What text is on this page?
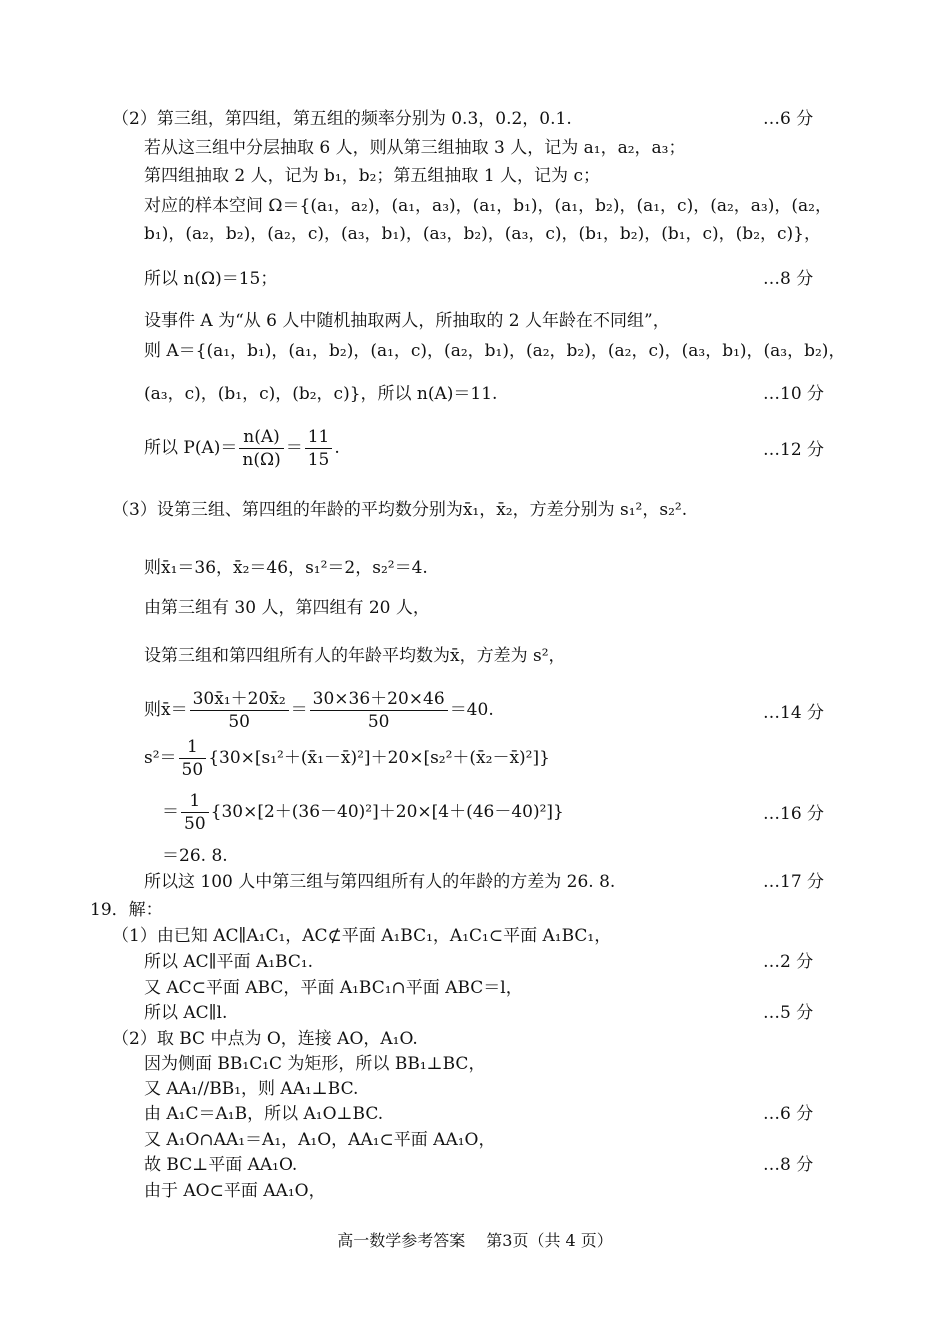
（2）第三组，第四组，第五组的频率分别为 0.3，0.2，0.1.	…6 分
若从这三组中分层抽取 6 人，则从第三组抽取 3 人，记为 a₁，a₂，a₃；
第四组抽取 2 人，记为 b₁，b₂；第五组抽取 1 人，记为 c；
对应的样本空间 Ω＝{(a₁，a₂)，(a₁，a₃)，(a₁，b₁)，(a₁，b₂)，(a₁，c)，(a₂，a₃)，(a₂，
b₁)，(a₂，b₂)，(a₂，c)，(a₃，b₁)，(a₃，b₂)，(a₃，c)，(b₁，b₂)，(b₁，c)，(b₂，c)}，
所以 n(Ω)＝15；	…8 分
设事件 A 为“从 6 人中随机抽取两人，所抽取的 2 人年龄在不同组”，
则 A＝{(a₁，b₁)，(a₁，b₂)，(a₁，c)，(a₂，b₁)，(a₂，b₂)，(a₂，c)，(a₃，b₁)，(a₃，b₂)，
(a₃，c)，(b₁，c)，(b₂，c)}，所以 n(A)＝11.	…10 分
所以 $P(A)= \frac{n(A)}{n(\Omega)} = \frac{11}{15}$ .	…12 分
（3）设第三组、第四组的年龄的平均数分别为x̄₁，x̄₂，方差分别为 s₁²，s₂².
则x̄₁＝36，x̄₂＝46，s₁²＝2，s₂²＝4.
由第三组有 30 人，第四组有 20 人，
设第三组和第四组所有人的年龄平均数为x̄，方差为 s²，
则x̄＝ $\frac{\text{30x̄₁＋20x̄₂}}{50} = \frac{30\times 36+20\times 46}{50} =40$.	…14 分
$s^2= \frac{1}{50}$ {30×[s₁²＋(x̄₁－x̄)²]＋20×[s₂²＋(x̄₂－x̄)²]}
＝ $\frac{1}{50} \{30\times[2+(36-40)^2]+20\times[4+(46-40)^2]\}$	…16 分
＝26. 8.
所以这 100 人中第三组与第四组所有人的年龄的方差为 26. 8.	…17 分
19．解：
（1）由已知 AC∥A₁C₁，AC⊄平面 A₁BC₁，A₁C₁⊂平面 A₁BC₁，
所以 AC∥平面 A₁BC₁.	…2 分
又 AC⊂平面 ABC，平面 A₁BC₁∩平面 ABC＝l，
所以 AC∥l.	…5 分
（2）取 BC 中点为 O，连接 AO，A₁O.
因为侧面 BB₁C₁C 为矩形，所以 BB₁⊥BC，
又 AA₁//BB₁，则 AA₁⊥BC.
由 A₁C＝A₁B，所以 A₁O⊥BC.	…6 分
又 A₁O∩AA₁＝A₁，A₁O，AA₁⊂平面 AA₁O，
故 BC⊥平面 AA₁O.	…8 分
由于 AO⊂平面 AA₁O，
高一数学参考答案　 第3页（共 4 页）
